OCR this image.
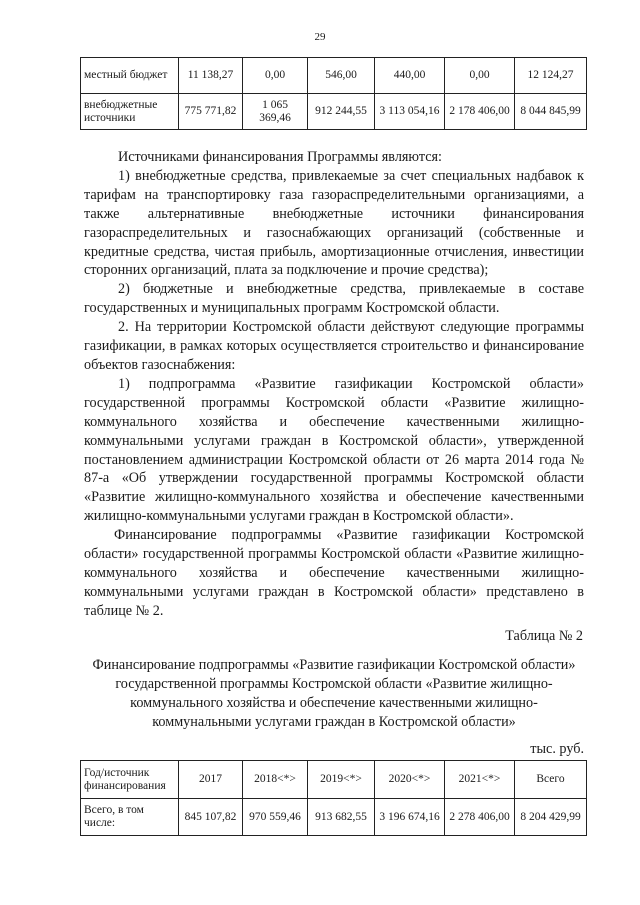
29
местный бюджет	11 138,27	0,00	546,00	440,00	0,00	12 124,27
внебюджетные источники	775 771,82	1 065 369,46	912 244,55	3 113 054,16	2 178 406,00	8 044 845,99

Источниками финансирования Программы являются:

1) внебюджетные средства, привлекаемые за счет специальных надбавок к тарифам на транспортировку газа газораспределительными организациями, а также альтернативные внебюджетные источники финансирования газораспределительных и газоснабжающих организаций (собственные и кредитные средства, чистая прибыль, амортизационные отчисления, инвестиции сторонних организаций, плата за подключение и прочие средства);

2) бюджетные и внебюджетные средства, привлекаемые в составе государственных и муниципальных программ Костромской области.

2. На территории Костромской области действуют следующие программы газификации, в рамках которых осуществляется строительство и финансирование объектов газоснабжения:

1) подпрограмма «Развитие газификации Костромской области» государственной программы Костромской области «Развитие жилищно-коммунального хозяйства и обеспечение качественными жилищно-коммунальными услугами граждан в Костромской области», утвержденной постановлением администрации Костромской области от 26 марта 2014 года № 87-а «Об утверждении государственной программы Костромской области «Развитие жилищно-коммунального хозяйства и обеспечение качественными жилищно-коммунальными услугами граждан в Костромской области».

Финансирование подпрограммы «Развитие газификации Костромской области» государственной программы Костромской области «Развитие жилищно-коммунального хозяйства и обеспечение качественными жилищно-коммунальными услугами граждан в Костромской области» представлено в таблице № 2.

Таблица № 2
Финансирование подпрограммы «Развитие газификации Костромской области» государственной программы Костромской области «Развитие жилищно-коммунального хозяйства и обеспечение качественными жилищно-коммунальными услугами граждан в Костромской области»
тыс. руб.
Год/источник финансирования	2017	2018<*>	2019<*>	2020<*>	2021<*>	Всего
Всего, в том числе:	845 107,82	970 559,46	913 682,55	3 196 674,16	2 278 406,00	8 204 429,99
